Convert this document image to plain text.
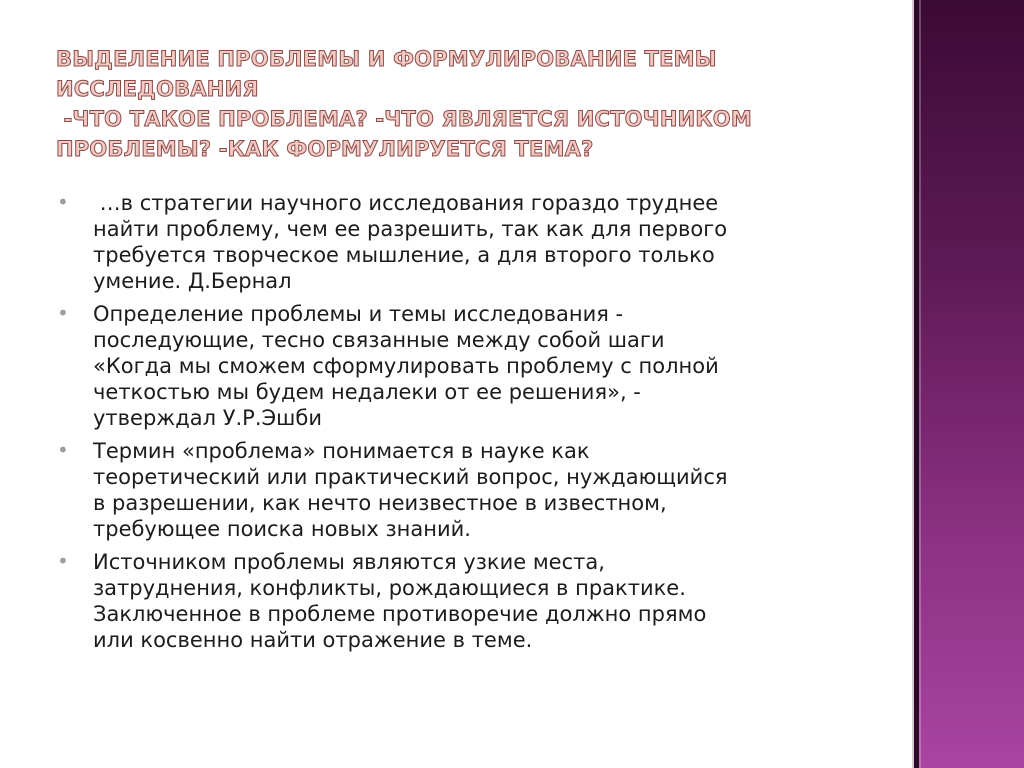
ВЫДЕЛЕНИЕ ПРОБЛЕМЫ И ФОРМУЛИРОВАНИЕ ТЕМЫ
ИССЛЕДОВАНИЯ
-ЧТО ТАКОЕ ПРОБЛЕМА? -ЧТО ЯВЛЯЕТСЯ ИСТОЧНИКОМ
ПРОБЛЕМЫ? -КАК ФОРМУЛИРУЕТСЯ ТЕМА?
• …в стратегии научного исследования гораздо труднее
найти проблему, чем ее разрешить, так как для первого
требуется творческое мышление, а для второго только
умение. Д.Бернал
• Определение проблемы и темы исследования -
последующие, тесно связанные между собой шаги
«Когда мы сможем сформулировать проблему с полной
четкостью мы будем недалеки от ее решения», -
утверждал У.Р.Эшби
• Термин «проблема» понимается в науке как
теоретический или практический вопрос, нуждающийся
в разрешении, как нечто неизвестное в известном,
требующее поиска новых знаний.
• Источником проблемы являются узкие места,
затруднения, конфликты, рождающиеся в практике.
Заключенное в проблеме противоречие должно прямо
или косвенно найти отражение в теме.
